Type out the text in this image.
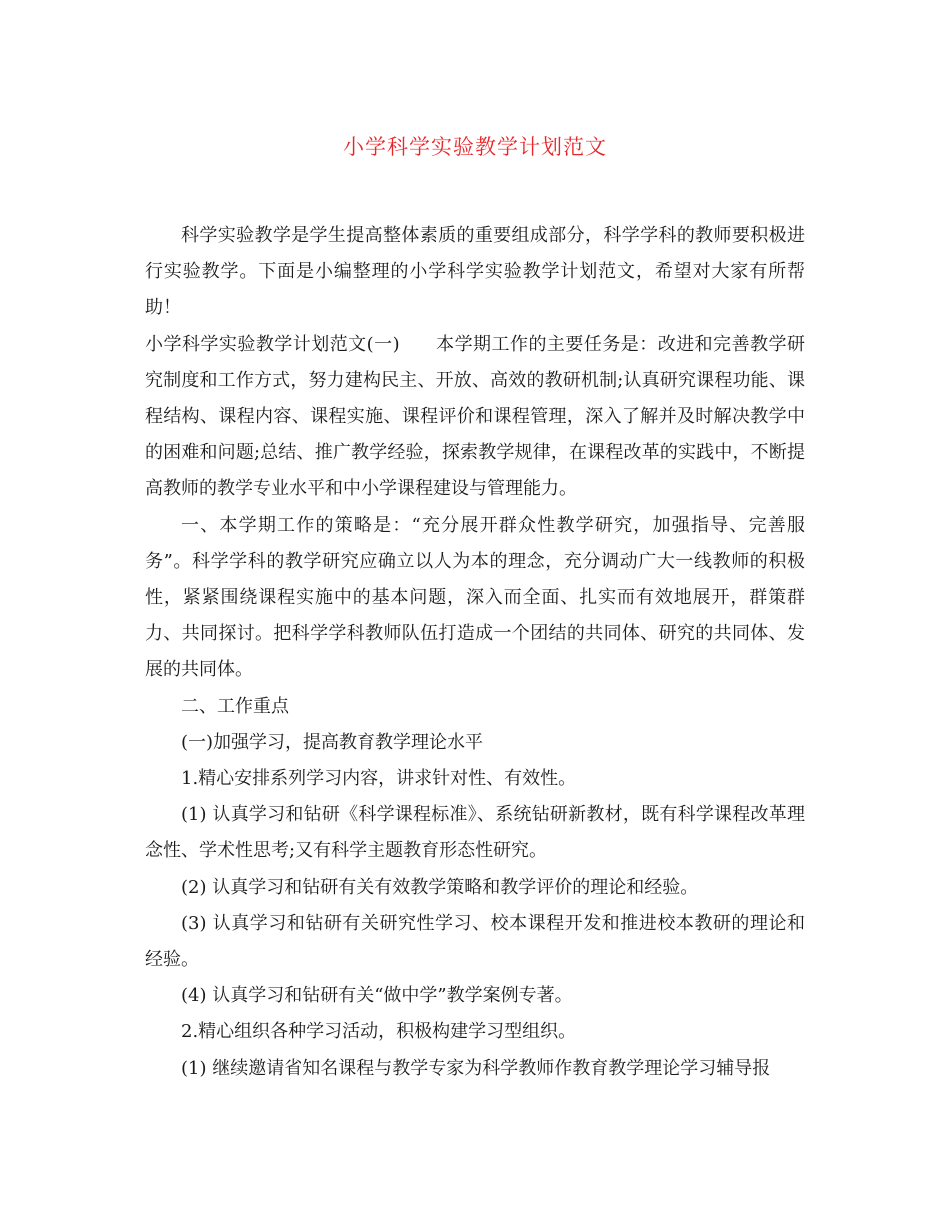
小学科学实验教学计划范文

科学实验教学是学生提高整体素质的重要组成部分，科学学科的教师要积极进行实验教学。下面是小编整理的小学科学实验教学计划范文，希望对大家有所帮助！

小学科学实验教学计划范文(一) 本学期工作的主要任务是：改进和完善教学研究制度和工作方式，努力建构民主、开放、高效的教研机制;认真研究课程功能、课程结构、课程内容、课程实施、课程评价和课程管理，深入了解并及时解决教学中的困难和问题;总结、推广教学经验，探索教学规律，在课程改革的实践中，不断提高教师的教学专业水平和中小学课程建设与管理能力。

一、本学期工作的策略是：“充分展开群众性教学研究，加强指导、完善服务”。科学学科的教学研究应确立以人为本的理念，充分调动广大一线教师的积极性，紧紧围绕课程实施中的基本问题，深入而全面、扎实而有效地展开，群策群力、共同探讨。把科学学科教师队伍打造成一个团结的共同体、研究的共同体、发展的共同体。

二、工作重点

(一)加强学习，提高教育教学理论水平

1.精心安排系列学习内容，讲求针对性、有效性。

(1) 认真学习和钻研《科学课程标准》、系统钻研新教材，既有科学课程改革理念性、学术性思考;又有科学主题教育形态性研究。

(2) 认真学习和钻研有关有效教学策略和教学评价的理论和经验。

(3) 认真学习和钻研有关研究性学习、校本课程开发和推进校本教研的理论和经验。

(4) 认真学习和钻研有关“做中学”教学案例专著。

2.精心组织各种学习活动，积极构建学习型组织。

(1) 继续邀请省知名课程与教学专家为科学教师作教育教学理论学习辅导报
